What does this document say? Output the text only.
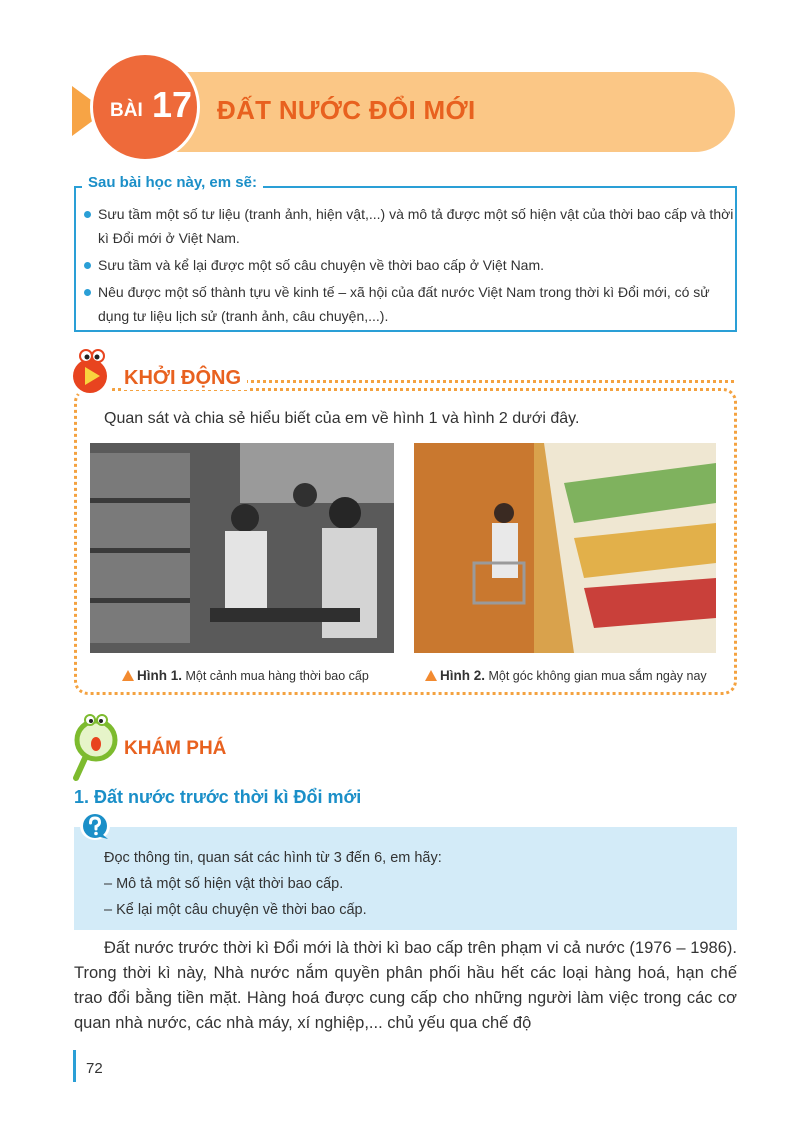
BÀI 17 ĐẤT NƯỚC ĐỔI MỚI
Sau bài học này, em sẽ:
Sưu tầm một số tư liệu (tranh ảnh, hiện vật,...) và mô tả được một số hiện vật của thời bao cấp và thời kì Đổi mới ở Việt Nam.
Sưu tầm và kể lại được một số câu chuyện về thời bao cấp ở Việt Nam.
Nêu được một số thành tựu về kinh tế – xã hội của đất nước Việt Nam trong thời kì Đổi mới, có sử dụng tư liệu lịch sử (tranh ảnh, câu chuyện,...).
KHỞI ĐỘNG
Quan sát và chia sẻ hiểu biết của em về hình 1 và hình 2 dưới đây.
Hình 1. Một cảnh mua hàng thời bao cấp	Hình 2. Một góc không gian mua sắm ngày nay
KHÁM PHÁ
1. Đất nước trước thời kì Đổi mới
Đọc thông tin, quan sát các hình từ 3 đến 6, em hãy:
– Mô tả một số hiện vật thời bao cấp.
– Kể lại một câu chuyện về thời bao cấp.
Đất nước trước thời kì Đổi mới là thời kì bao cấp trên phạm vi cả nước (1976 – 1986). Trong thời kì này, Nhà nước nắm quyền phân phối hầu hết các loại hàng hoá, hạn chế trao đổi bằng tiền mặt. Hàng hoá được cung cấp cho những người làm việc trong các cơ quan nhà nước, các nhà máy, xí nghiệp,... chủ yếu qua chế độ
72
